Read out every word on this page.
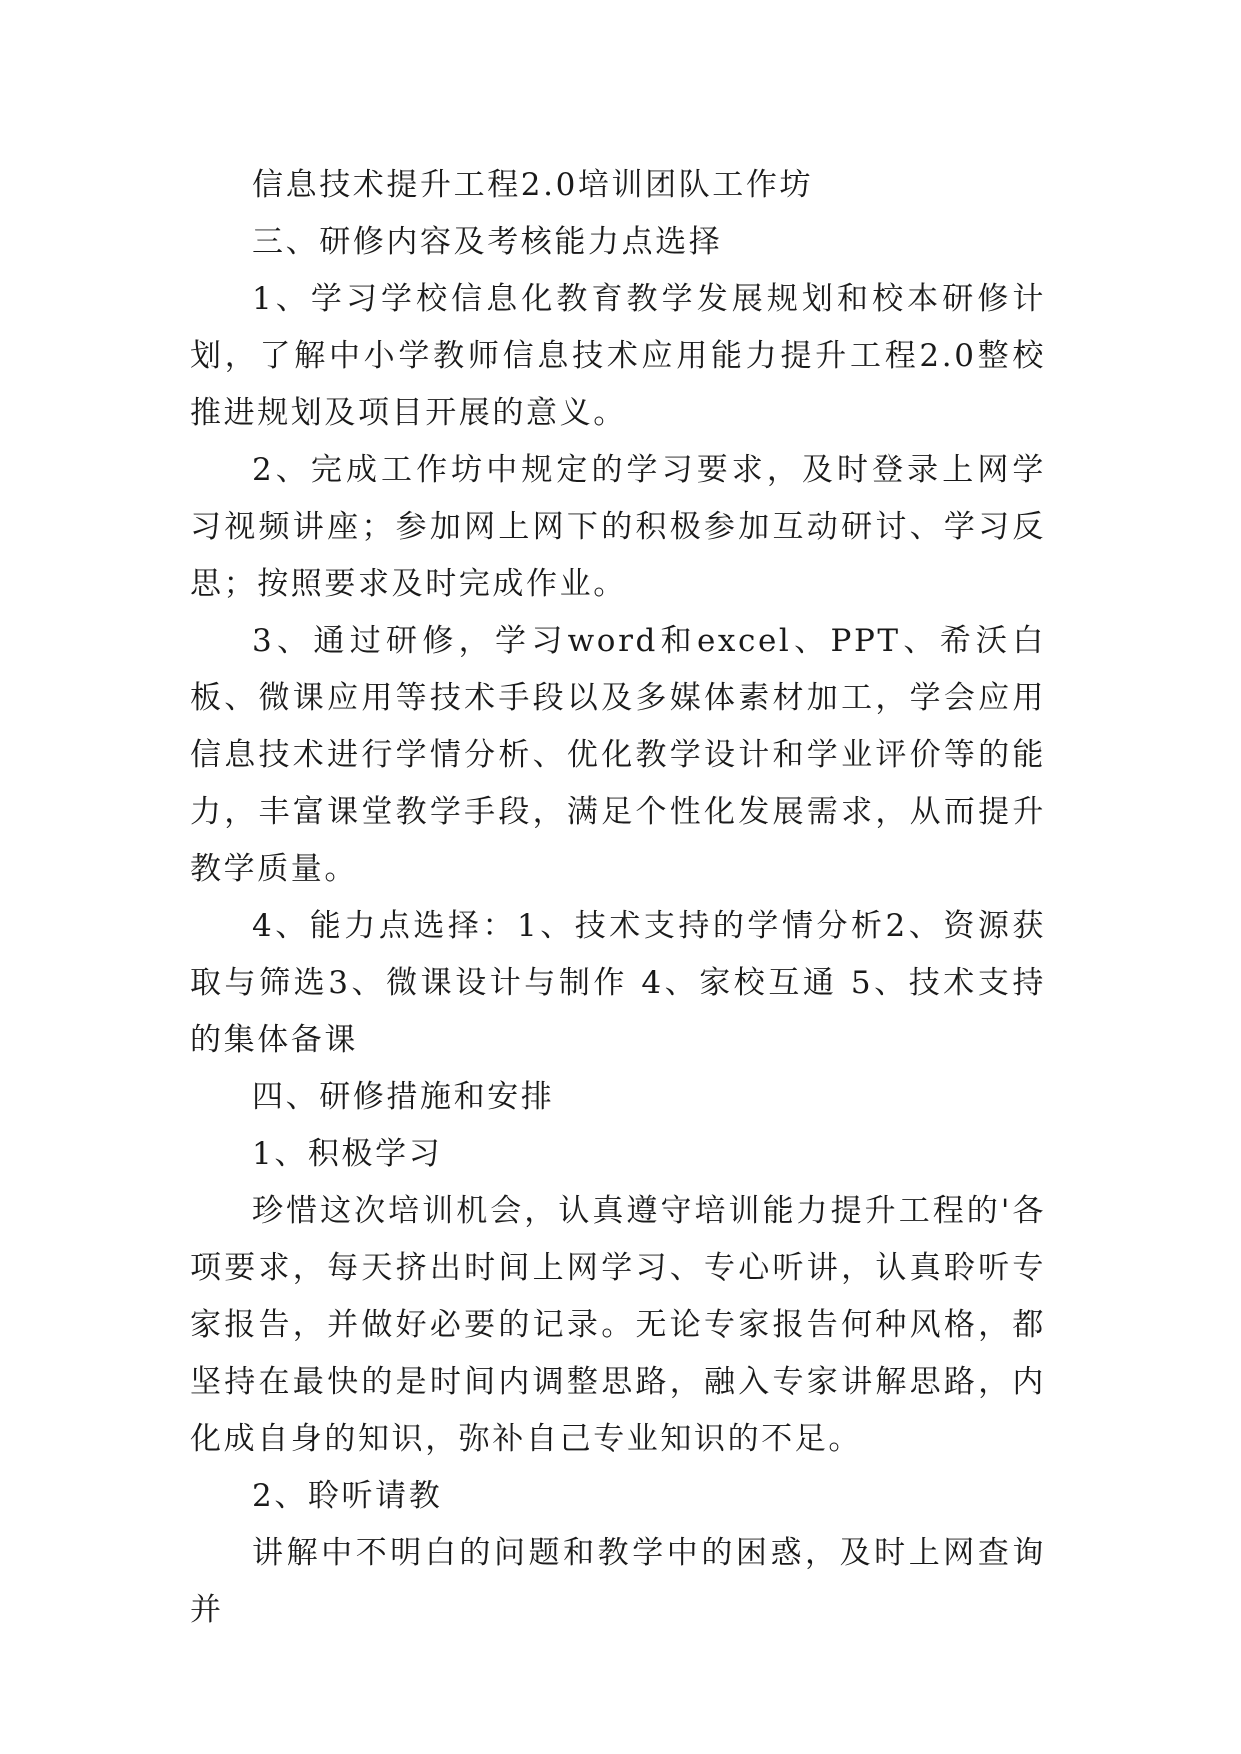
信息技术提升工程2.0培训团队工作坊

三、研修内容及考核能力点选择

1、学习学校信息化教育教学发展规划和校本研修计划，了解中小学教师信息技术应用能力提升工程2.0整校推进规划及项目开展的意义。

2、完成工作坊中规定的学习要求，及时登录上网学习视频讲座；参加网上网下的积极参加互动研讨、学习反思；按照要求及时完成作业。

3、通过研修，学习word和excel、PPT、希沃白板、微课应用等技术手段以及多媒体素材加工，学会应用信息技术进行学情分析、优化教学设计和学业评价等的能力，丰富课堂教学手段，满足个性化发展需求，从而提升教学质量。

4、能力点选择：1、技术支持的学情分析2、资源获取与筛选3、微课设计与制作 4、家校互通 5、技术支持的集体备课

四、研修措施和安排

1、积极学习

珍惜这次培训机会，认真遵守培训能力提升工程的'各项要求，每天挤出时间上网学习、专心听讲，认真聆听专家报告，并做好必要的记录。无论专家报告何种风格，都坚持在最快的是时间内调整思路，融入专家讲解思路，内化成自身的知识，弥补自己专业知识的不足。

2、聆听请教

讲解中不明白的问题和教学中的困惑，及时上网查询并
